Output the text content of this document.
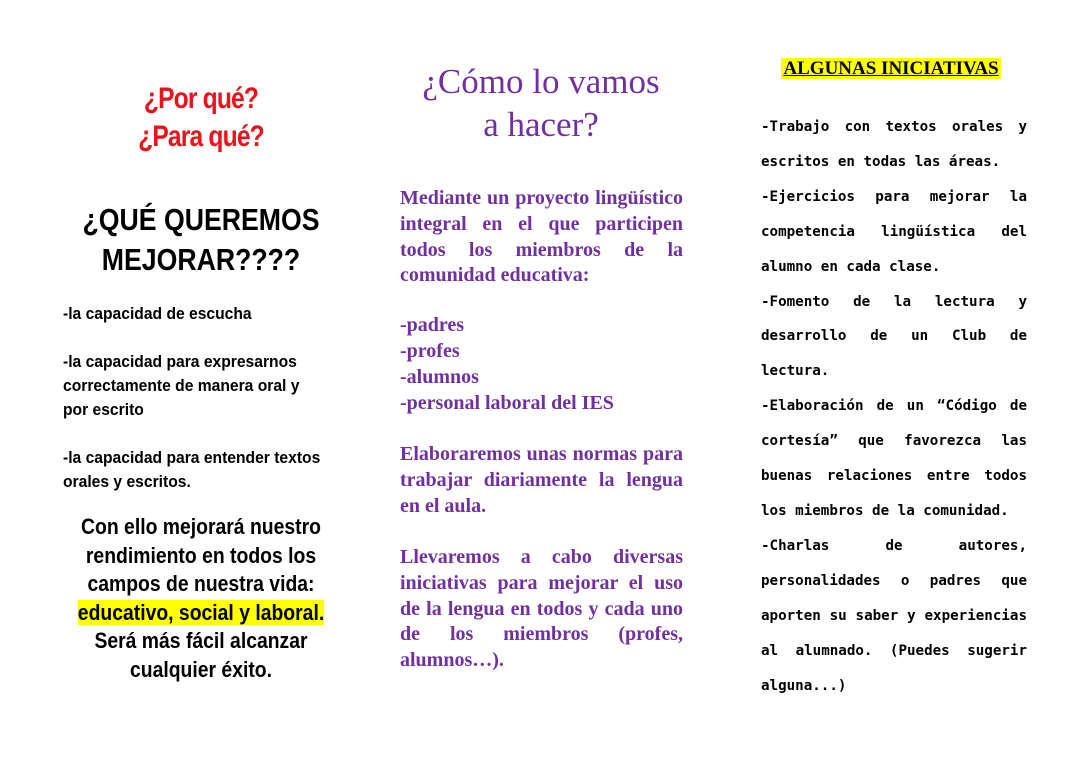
¿Por qué?
¿Para qué?
¿QUÉ QUEREMOS
MEJORAR????
-la capacidad de escucha
-la capacidad para expresarnos correctamente de manera oral y por escrito
-la capacidad para entender textos orales y escritos.
Con ello mejorará nuestro
rendimiento en todos los
campos de nuestra vida:
educativo, social y laboral.
Será más fácil alcanzar
cualquier éxito.
¿Cómo lo vamos
a hacer?
Mediante un proyecto lingüístico integral en el que participen todos los miembros de la comunidad educativa:
-padres
-profes
-alumnos
-personal laboral del IES
Elaboraremos unas normas para trabajar diariamente la lengua en el aula.
Llevaremos a cabo diversas iniciativas para mejorar el uso de la lengua en todos y cada uno de los miembros (profes, alumnos…).
ALGUNAS INICIATIVAS
-Trabajo con textos orales y escritos en todas las áreas.
-Ejercicios para mejorar la competencia lingüística del alumno en cada clase.
-Fomento de la lectura y desarrollo de un Club de lectura.
-Elaboración de un “Código de cortesía” que favorezca las buenas relaciones entre todos los miembros de la comunidad.
-Charlas de autores, personalidades o padres que aporten su saber y experiencias al alumnado. (Puedes sugerir alguna...)
